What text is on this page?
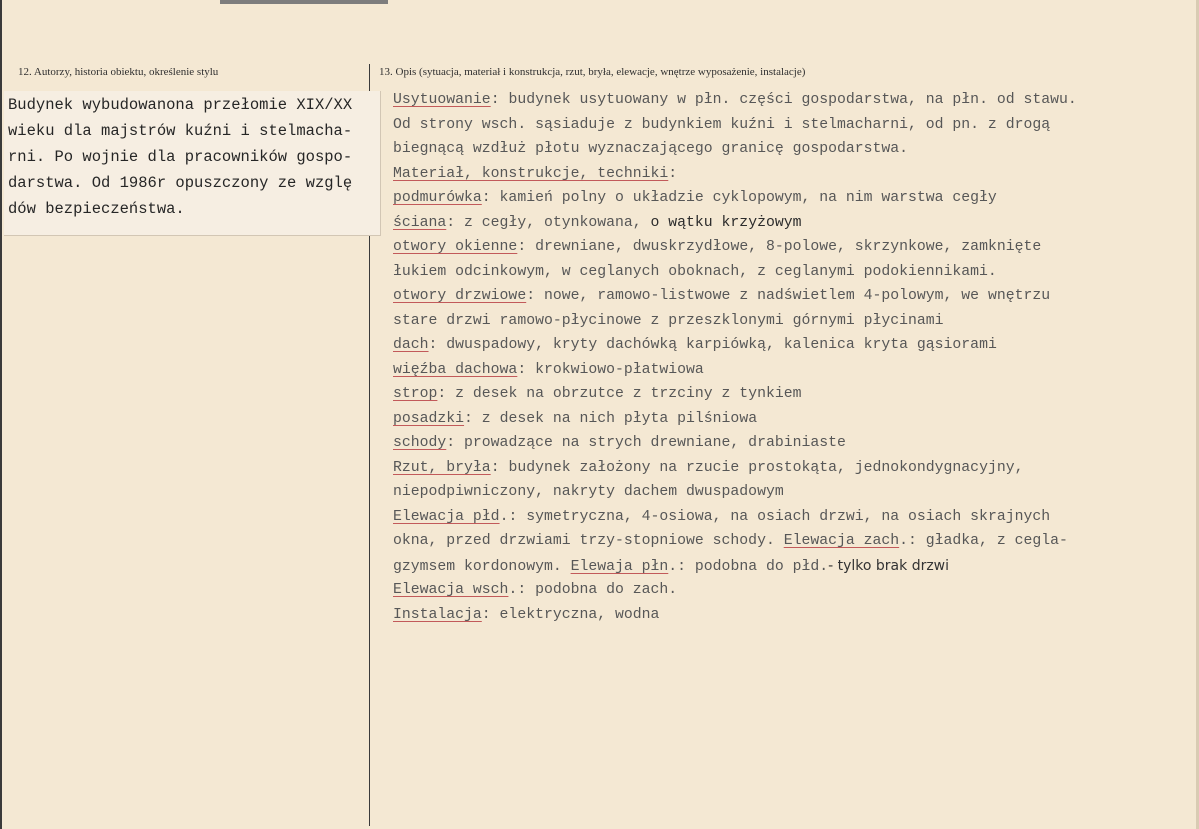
12. Autorzy, historia obiektu, określenie stylu	13. Opis (sytuacja, materiał i konstrukcja, rzut, bryła, elewacje, wnętrze wyposażenie, instalacje)
Budynek wybudowanona przełomie XIX/XX
wieku dla majstrów kuźni i stelmacha-
rni. Po wojnie dla pracowników gospo-
darstwa. Od 1986r opuszczony ze wzglę
dów bezpieczeństwa.
Usytuowanie: budynek usytuowany w płn. części gospodarstwa, na płn. od stawu.
Od strony wsch. sąsiaduje z budynkiem kuźni i stelmacharni, od pn. z drogą
biegnącą wzdłuż płotu wyznaczającego granicę gospodarstwa.
Materiał, konstrukcje, techniki:
podmurówka: kamień polny o układzie cyklopowym, na nim warstwa cegły
ściana: z cegły, otynkowana, o wątku krzyżowym
otwory okienne: drewniane, dwuskrzydłowe, 8-polowe, skrzynkowe, zamknięte
łukiem odcinkowym, w ceglanych oboknach, z ceglanymi podokiennikami.
otwory drzwiowe: nowe, ramowo-listwowe z nadświetlem 4-polowym, we wnętrzu
stare drzwi ramowo-płycinowe z przeszklonymi górnymi płycinami
dach: dwuspadowy, kryty dachówką karpiówką, kalenica kryta gąsiorami
więźba dachowa: krokwiowo-płatwiowa
strop: z desek na obrzutce z trzciny z tynkiem
posadzki: z desek na nich płyta pilśniowa
schody: prowadzące na strych drewniane, drabiniaste
Rzut, bryła: budynek założony na rzucie prostokąta, jednokondygnacyjny,
niepodpiwniczony, nakryty dachem dwuspadowym
Elewacja płd.: symetryczna, 4-osiowa, na osiach drzwi, na osiach skrajnych
okna, przed drzwiami trzy-stopniowe schody. Elewacja zach.: gładka, z cegla-
gzymsem kordonowym. Elewaja płn.: podobna do płd.- tylko brak drzwi
Elewacja wsch.: podobna do zach.
Instalacja: elektryczna, wodna
